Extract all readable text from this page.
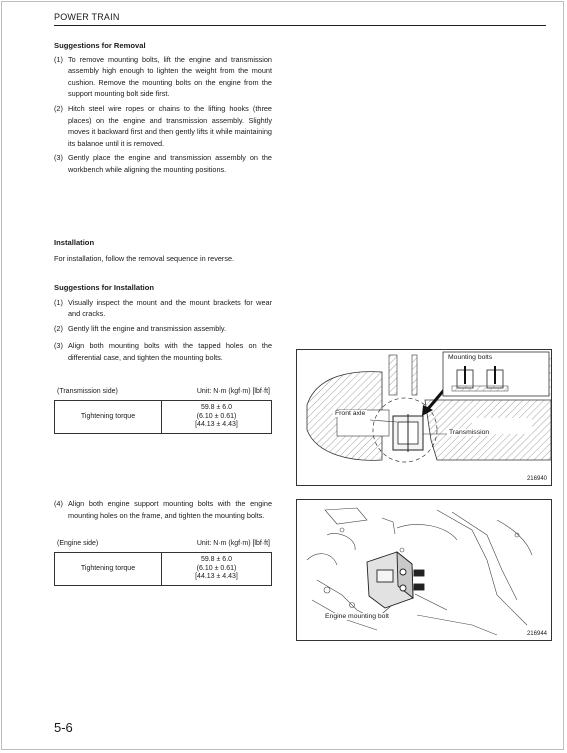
POWER TRAIN

Suggestions for Removal

(1) To remove mounting bolts, lift the engine and transmission assembly high enough to lighten the weight from the mount cushion. Remove the mounting bolts on the engine from the support mounting bolt side first.
(2) Hitch steel wire ropes or chains to the lifting hooks (three places) on the engine and transmission assembly. Slightly moves it backward first and then gently lifts it while maintaining its balanoe until it is removed.
(3) Gently place the engine and transmission assembly on the workbench while aligning the mounting positions.

Installation

For installation, follow the removal sequence in reverse.

Suggestions for Installation

(1) Visually inspect the mount and the mount brackets for wear and cracks.
(2) Gently lift the engine and transmission assembly.
(3) Align both mounting bolts with the tapped holes on the differential case, and tighten the mounting bolts.
(Transmission side)	Unit: N·m (kgf·m) [lbf·ft]
Tightening torque	
59.8 ± 6.0
(6.10 ± 0.61)
[44.13 ± 4.43]
(4) Align both engine support mounting bolts with the engine mounting holes on the frame, and tighten the mounting bolts.
(Engine side)	Unit: N·m (kgf·m) [lbf·ft]
Tightening torque	
59.8 ± 6.0
(6.10 ± 0.61)
[44.13 ± 4.43]
Mounting bolts
Front axle
Transmission
216940
Engine mounting bolt
216944
5-6
